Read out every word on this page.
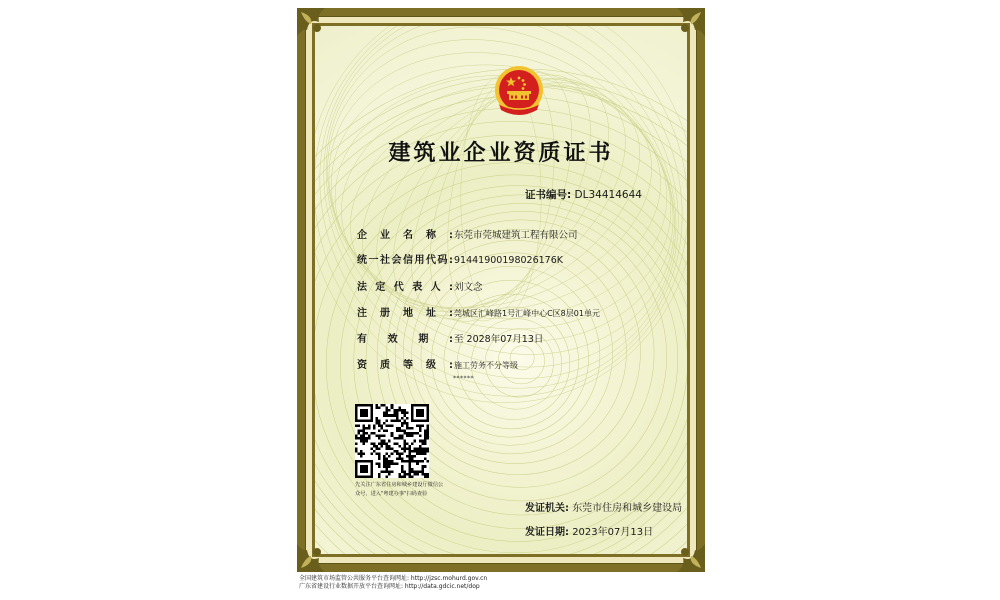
建筑业企业资质证书
证书编号: DL34414644
企业名称:东莞市莞城建筑工程有限公司
统一社会信用代码:91441900198026176K
法定代表人:刘文念
注册地址:莞城区汇峰路1号汇峰中心C区8层01单元
有效期:至 2028年07月13日
资质等级:施工劳务不分等级
******
先关注广东省住房和城乡建设厅微信公众号，进入"粤建办事"扫码查验
发证机关: 东莞市住房和城乡建设局
发证日期: 2023年07月13日
全国建筑市场监管公共服务平台查询网址: http://jzsc.mohurd.gov.cn
广东省建设行业数据开放平台查询网址: http://data.gdcic.net/dop
